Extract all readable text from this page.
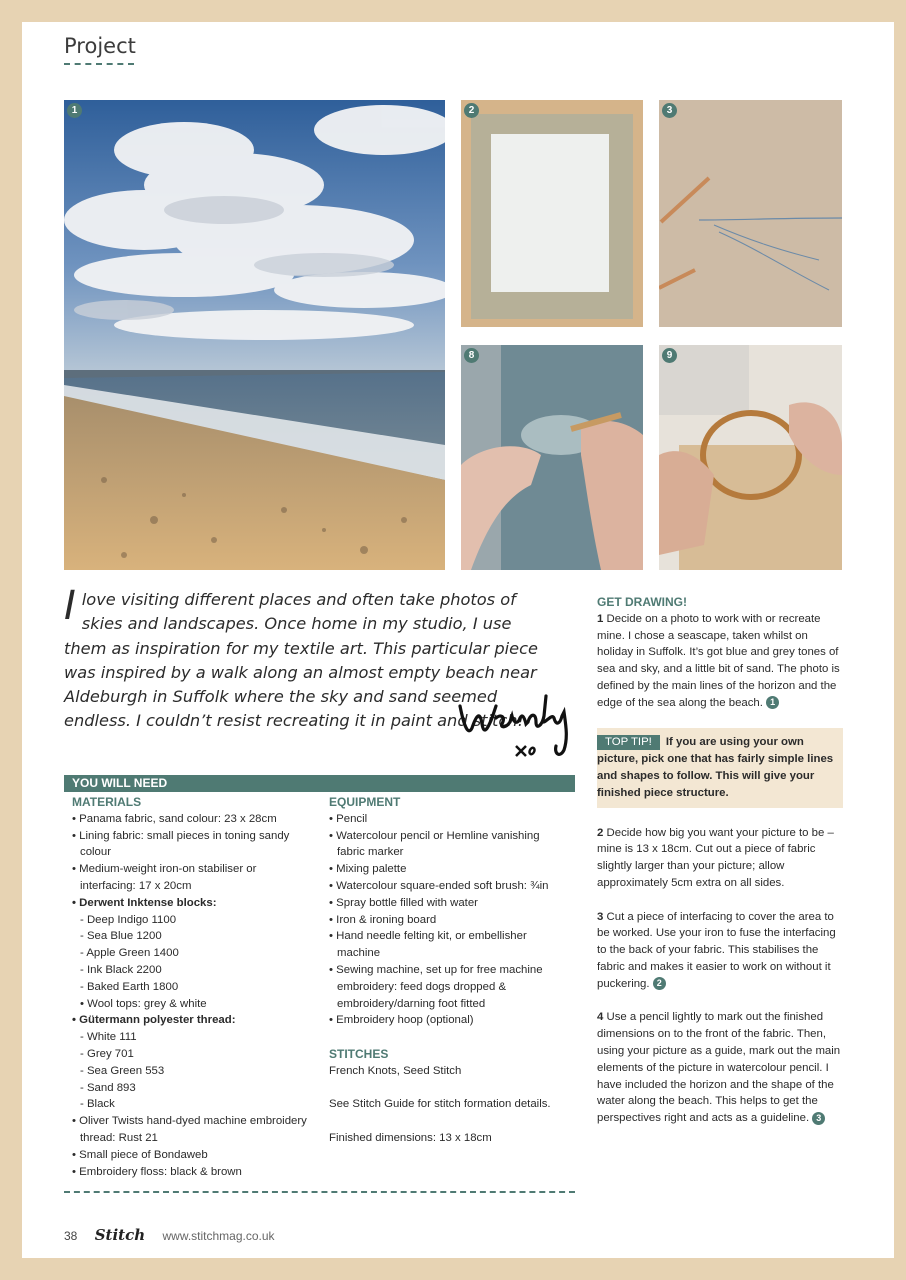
Project
1	2	3
8	9
I love visiting different places and often take photos of skies and landscapes. Once home in my studio, I use them as inspiration for my textile art. This particular piece was inspired by a walk along an almost empty beach near Aldeburgh in Suffolk where the sky and sand seemed endless. I couldn’t resist recreating it in paint and stitch!
YOU WILL NEED
MATERIALS
• Panama fabric, sand colour: 23 x 28cm
• Lining fabric: small pieces in toning sandy colour
• Medium-weight iron-on stabiliser or interfacing: 17 x 20cm
• Derwent Inktense blocks:
- Deep Indigo 1100
- Sea Blue 1200
- Apple Green 1400
- Ink Black 2200
- Baked Earth 1800
• Wool tops: grey & white
• Gütermann polyester thread:
- White 111
- Grey 701
- Sea Green 553
- Sand 893
- Black
• Oliver Twists hand-dyed machine embroidery thread: Rust 21
• Small piece of Bondaweb
• Embroidery floss: black & brown
EQUIPMENT
• Pencil
• Watercolour pencil or Hemline vanishing fabric marker
• Mixing palette
• Watercolour square-ended soft brush: ¾in
• Spray bottle filled with water
• Iron & ironing board
• Hand needle felting kit, or embellisher machine
• Sewing machine, set up for free machine embroidery: feed dogs dropped & embroidery/darning foot fitted
• Embroidery hoop (optional)
STITCHES
French Knots, Seed Stitch
See Stitch Guide for stitch formation details.
Finished dimensions: 13 x 18cm
GET DRAWING!

1 Decide on a photo to work with or recreate mine. I chose a seascape, taken whilst on holiday in Suffolk. It’s got blue and grey tones of sea and sky, and a little bit of sand. The photo is defined by the main lines of the horizon and the edge of the sea along the beach. 1

TOP TIP! If you are using your own picture, pick one that has fairly simple lines and shapes to follow. This will give your finished piece structure.

2 Decide how big you want your picture to be – mine is 13 x 18cm. Cut out a piece of fabric slightly larger than your picture; allow approximately 5cm extra on all sides.

3 Cut a piece of interfacing to cover the area to be worked. Use your iron to fuse the interfacing to the back of your fabric. This stabilises the fabric and makes it easier to work on without it puckering. 2

4 Use a pencil lightly to mark out the finished dimensions on to the front of the fabric. Then, using your picture as a guide, mark out the main elements of the picture in watercolour pencil. I have included the horizon and the shape of the water along the beach. This helps to get the perspectives right and acts as a guideline. 3

38 Stitch www.stitchmag.co.uk
